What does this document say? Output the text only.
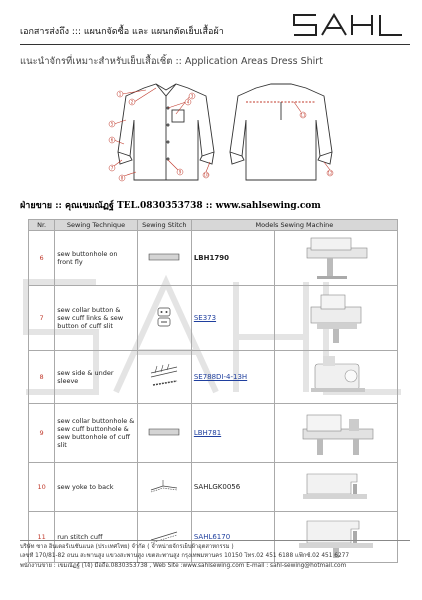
เอกสารส่งถึง ::: แผนกจัดซื้อ และ แผนกตัดเย็บเสื้อผ้า
แนะนำจักรที่เหมาะสำหรับเย็บเสื้อเชิ้ต :: Application Areas Dress Shirt
1
2
3
4
5
6
7
8
9
10
11
12
ฝ่ายขาย :: คุณเขมณัฏฐ์ TEL.0830353738 :: www.sahlsewing.com
Nr.	Sewing Technique	Sewing Stitch	Models Sewing Machine	
6	sew buttonhole on front fly		LBH1790	
7	sew collar button & sew cuff links & sew button of cuff slit		SE373	
8	sew side & under sleeve		SE788DI-4-13H	
9	sew collar buttonhole & sew cuff buttonhole & sew buttonhole of cuff slit		LBH781	
10	sew yoke to back		SAHLGK0056	
11	run stitch cuff		SAHL6170	
บริษัท ซาล อินเตอร์เนชั่นแนล (ประเทศไทย) จำกัด ( จำหน่ายจักรเย็บผ้าอุตสาหกรรม )
เลขที่ 170/81-82 ถนน สะพานสูง แขวงสะพานสูง เขตสะพานสูง กรุงเทพมหานคร 10150 โทร.02 451 6188 แฟ็กซ์.02 451 6277
พนักงานขาย : เขมณัฏฐ์ (โจ้) มือถือ.0830353738 , Web Site :www.sahlsewing.com E-mail : sahl-sewing@hotmail.com
